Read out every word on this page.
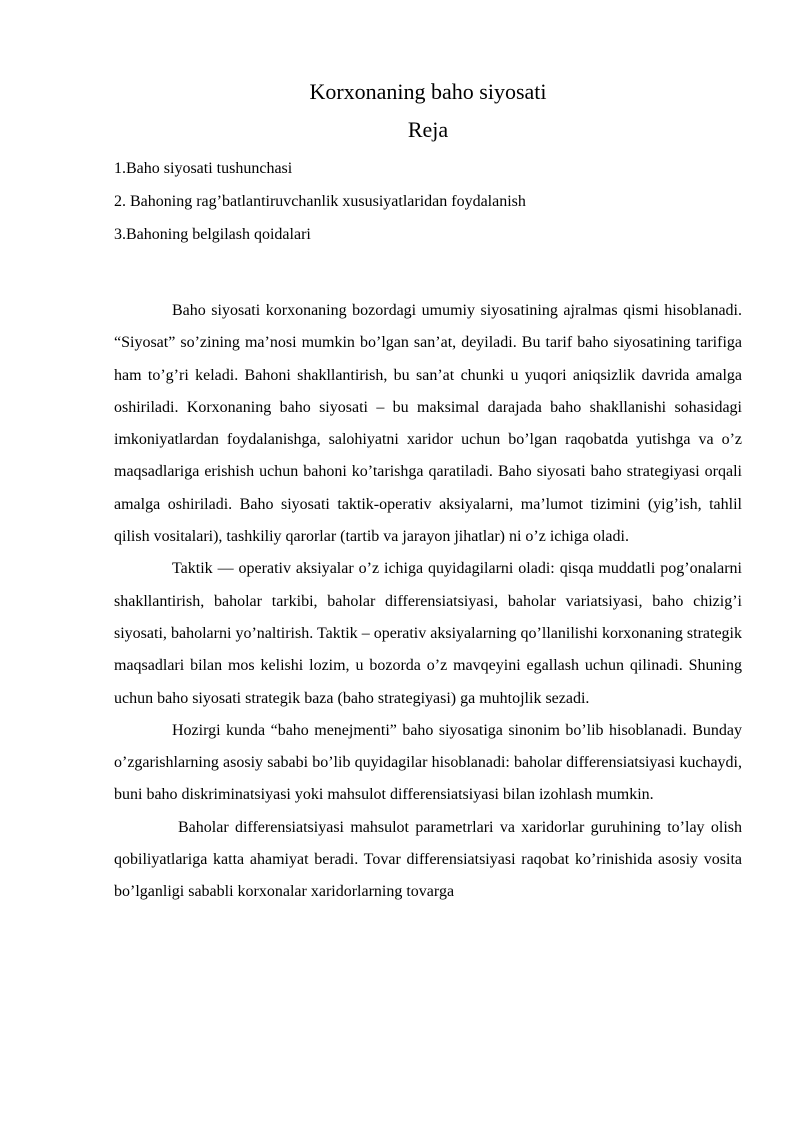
Korxonaning baho siyosati
Reja
1.Baho siyosati tushunchasi
2. Bahoning rag’batlantiruvchanlik xususiyatlaridan foydalanish
3.Bahoning belgilash qoidalari

Baho siyosati korxonaning bozordagi umumiy siyosatining ajralmas qismi hisoblanadi. “Siyosat” so’zining ma’nosi mumkin bo’lgan san’at, deyiladi. Bu tarif baho siyosatining tarifiga ham to’g’ri keladi. Bahoni shakllantirish, bu san’at chunki u yuqori aniqsizlik davrida amalga oshiriladi. Korxonaning baho siyosati – bu maksimal darajada baho shakllanishi sohasidagi imkoniyatlardan foydalanishga, salohiyatni xaridor uchun bo’lgan raqobatda yutishga va o’z maqsadlariga erishish uchun bahoni ko’tarishga qaratiladi. Baho siyosati baho strategiyasi orqali amalga oshiriladi. Baho siyosati taktik-operativ aksiyalarni, ma’lumot tizimini (yig’ish, tahlil qilish vositalari), tashkiliy qarorlar (tartib va jarayon jihatlar) ni o’z ichiga oladi.

Taktik — operativ aksiyalar o’z ichiga quyidagilarni oladi: qisqa muddatli pog’onalarni shakllantirish, baholar tarkibi, baholar differensiatsiyasi, baholar variatsiyasi, baho chizig’i siyosati, baholarni yo’naltirish. Taktik – operativ aksiyalarning qo’llanilishi korxonaning strategik maqsadlari bilan mos kelishi lozim, u bozorda o’z mavqeyini egallash uchun qilinadi. Shuning uchun baho siyosati strategik baza (baho strategiyasi) ga muhtojlik sezadi.

Hozirgi kunda “baho menejmenti” baho siyosatiga sinonim bo’lib hisoblanadi. Bunday o’zgarishlarning asosiy sababi bo’lib quyidagilar hisoblanadi: baholar differensiatsiyasi kuchaydi, buni baho diskriminatsiyasi yoki mahsulot differensiatsiyasi bilan izohlash mumkin.

Baholar differensiatsiyasi mahsulot parametrlari va xaridorlar guruhining to’lay olish qobiliyatlariga katta ahamiyat beradi. Tovar differensiatsiyasi raqobat ko’rinishida asosiy vosita bo’lganligi sababli korxonalar xaridorlarning tovarga
